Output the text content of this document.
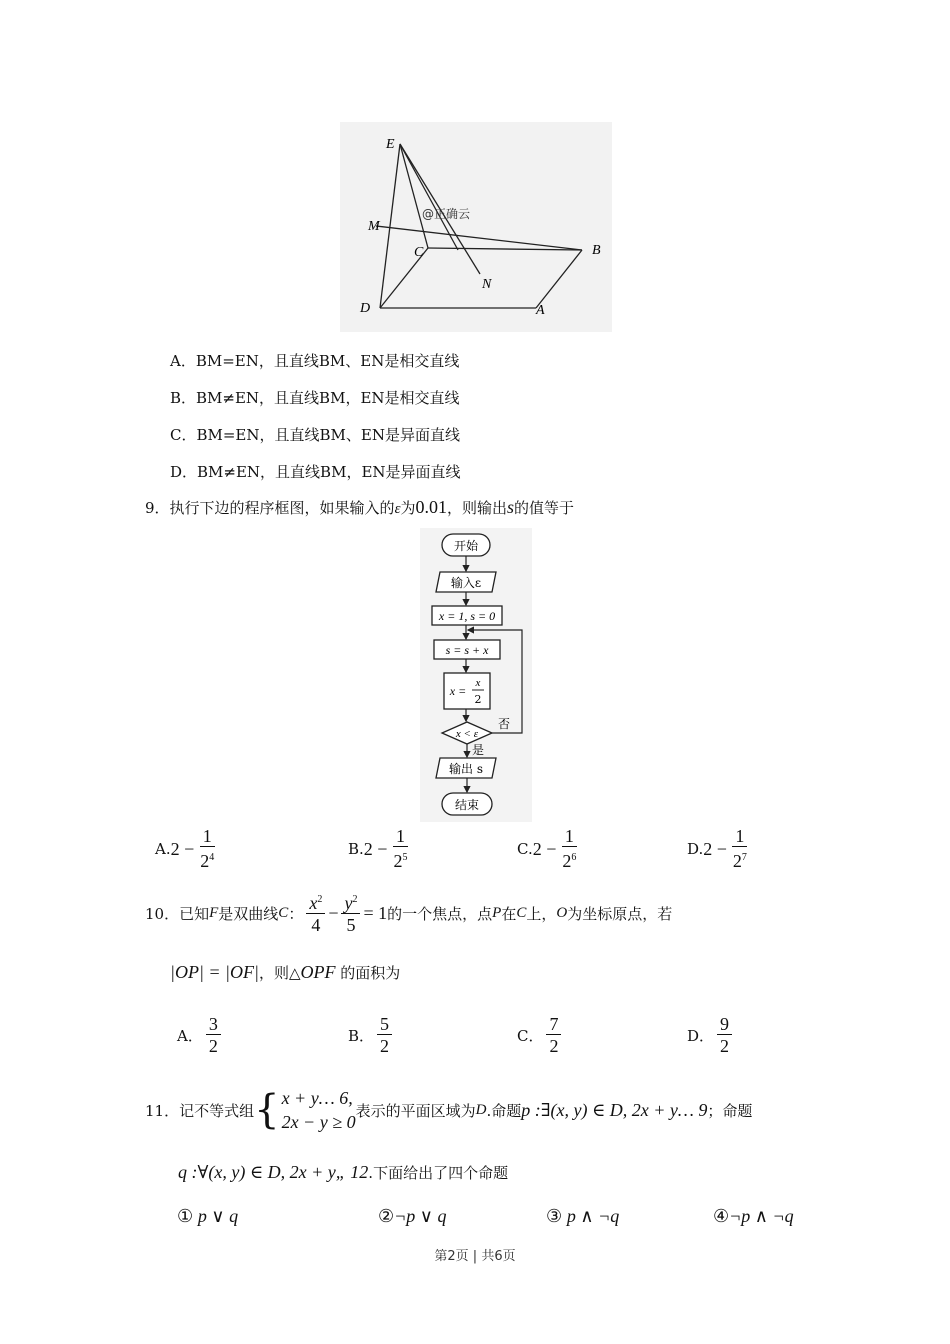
E
M
C	B
N
D	A
@正确云
A．BM=EN，且直线BM、EN是相交直线
B．BM≠EN，且直线BM，EN是相交直线
C．BM=EN，且直线BM、EN是异面直线
D．BM≠EN，且直线BM，EN是异面直线
9．执行下边的程序框图，如果输入的ε为0.01，则输出s的值等于
开始
输入ε
x = 1, s = 0
s = s + x
x =
x
2
x < ε
否
是
输出 s
结束
A. $2 - \frac{1}{2^4}$	B. $2 - \frac{1}{2^5}$	C. $2 - \frac{1}{2^6}$	D. $2 - \frac{1}{2^7}$
10． 已知 F 是双曲线 C ： $\frac{x^2}{4} - \frac{y^2}{5} = 1$ 的一个焦点，点 P 在 C 上， O 为坐标原点，若
|OP| = |OF|，则△OPF 的面积为
A． $\frac{3}{2}$	B． $\frac{5}{2}$	C． $\frac{7}{2}$	D． $\frac{9}{2}$
11． 记不等式组 { x + y… 6,
2x − y ≥ 0
表示的平面区域为 D .命题 p :∃(x, y) ∈ D, 2x + y… 9 ；命题
q :∀(x, y) ∈ D, 2x + y„ 12.下面给出了四个命题
① p ∨ q	②¬p ∨ q	③ p ∧ ¬q	④¬p ∧ ¬q
第2页 | 共6页
